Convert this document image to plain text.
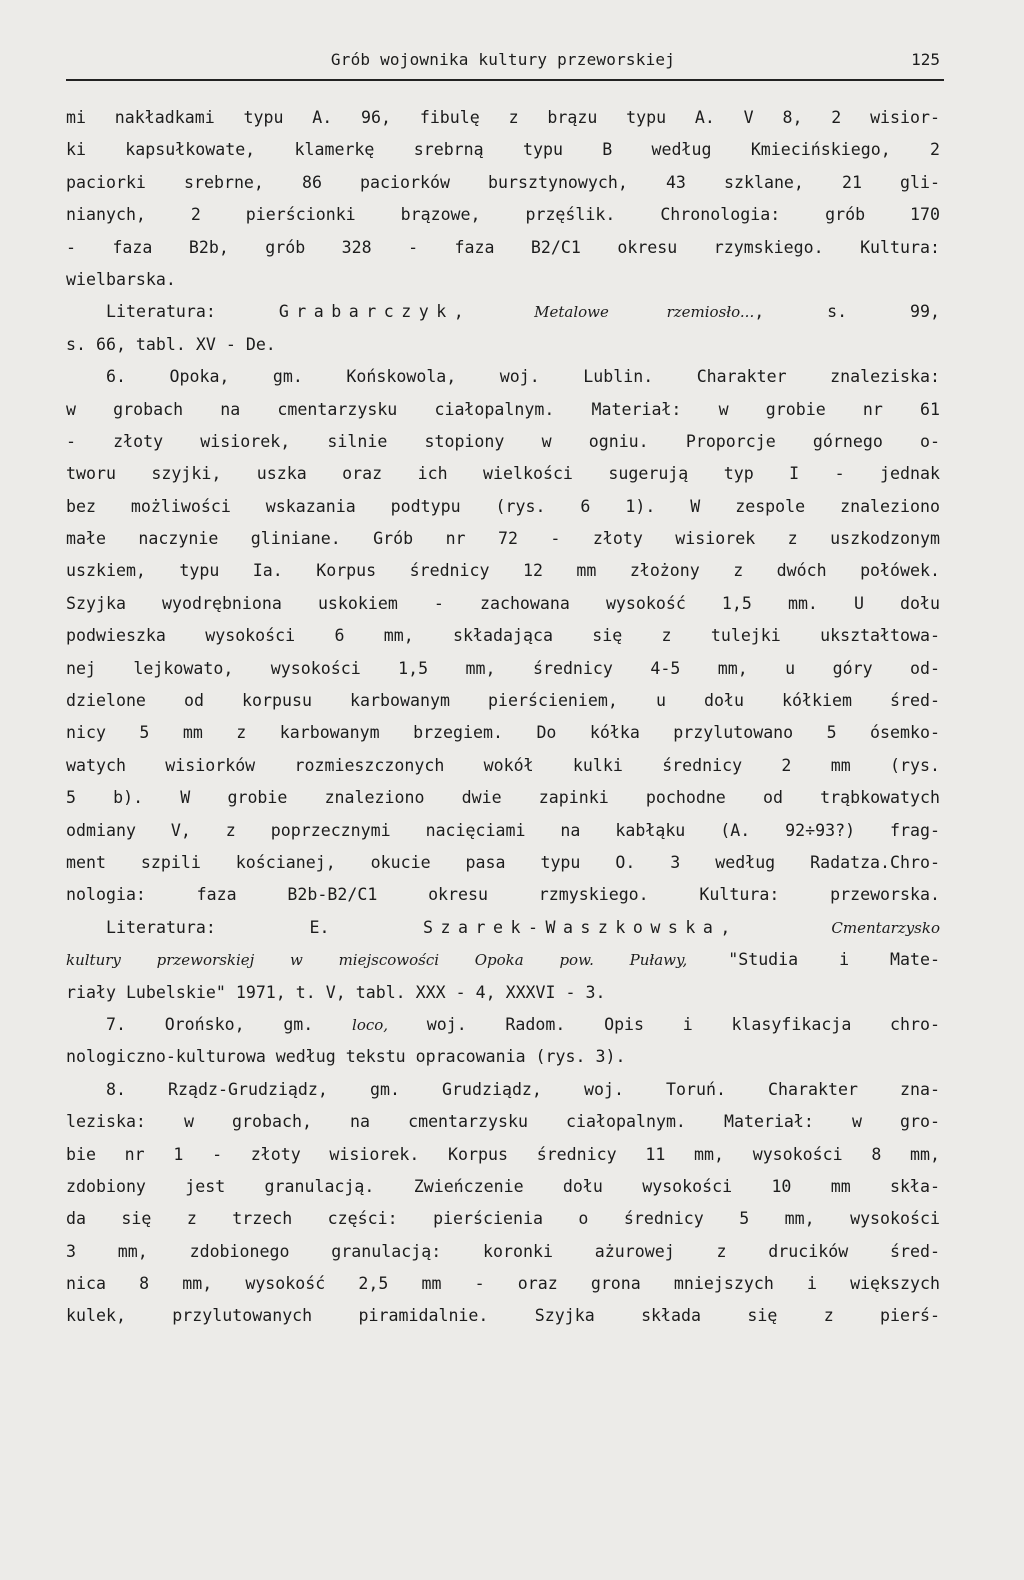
Grób wojownika kultury przeworskiej	125
mi nakładkami typu A. 96, fibulę z brązu typu A. V 8, 2 wisior-
ki kapsułkowate, klamerkę srebrną typu B według Kmiecińskiego, 2
paciorki srebrne, 86 paciorków bursztynowych, 43 szklane, 21 gli-
nianych, 2 pierścionki brązowe, przęślik. Chronologia: grób 170
- faza B2b, grób 328 - faza B2/C1 okresu rzymskiego. Kultura:
wielbarska.
Literatura: Grabarczyk,	Metalowe rzemiosło..., s. 99,
s. 66, tabl. XV - De.
6. Opoka, gm. Końskowola, woj. Lublin. Charakter znaleziska:
w grobach na cmentarzysku ciałopalnym. Materiał: w grobie nr 61
- złoty wisiorek, silnie stopiony w ogniu. Proporcje górnego o-
tworu szyjki, uszka oraz ich wielkości sugerują typ I - jednak
bez możliwości wskazania podtypu (rys. 6 1). W zespole znaleziono
małe naczynie gliniane. Grób nr 72 - złoty wisiorek z uszkodzonym
uszkiem, typu Ia. Korpus średnicy 12 mm złożony z dwóch połówek.
Szyjka wyodrębniona uskokiem - zachowana wysokość 1,5 mm. U dołu
podwieszka wysokości 6 mm, składająca się z tulejki ukształtowa-
nej lejkowato, wysokości 1,5 mm, średnicy 4-5 mm, u góry od-
dzielone od korpusu karbowanym pierścieniem, u dołu kółkiem śred-
nicy 5 mm z karbowanym brzegiem. Do kółka przylutowano 5 ósemko-
watych wisiorków rozmieszczonych wokół kulki średnicy 2 mm (rys.
5 b). W grobie znaleziono dwie zapinki pochodne od trąbkowatych
odmiany V, z poprzecznymi nacięciami na kabłąku (A. 92÷93?) frag-
ment szpili kościanej, okucie pasa typu O. 3 według Radatza.Chro-
nologia: faza B2b-B2/C1 okresu rzmyskiego. Kultura: przeworska.
Literatura: E. Szarek-Waszkowska,	Cmentarzysko
kultury przeworskiej w miejscowości Opoka pow. Puławy, "Studia i Mate-
riały Lubelskie" 1971, t. V, tabl. XXX - 4, XXXVI - 3.
7. Orońsko, gm. loco, woj. Radom. Opis i klasyfikacja chro-
nologiczno-kulturowa według tekstu opracowania (rys. 3).
8. Rządz-Grudziądz, gm. Grudziądz, woj. Toruń. Charakter zna-
leziska: w grobach, na cmentarzysku ciałopalnym. Materiał: w gro-
bie nr 1 - złoty wisiorek. Korpus średnicy 11 mm, wysokości 8 mm,
zdobiony jest granulacją. Zwieńczenie dołu wysokości 10 mm skła-
da się z trzech części: pierścienia o średnicy 5 mm, wysokości
3 mm, zdobionego granulacją: koronki ażurowej z drucików śred-
nica 8 mm, wysokość 2,5 mm - oraz grona mniejszych i większych
kulek, przylutowanych piramidalnie. Szyjka składa się z pierś-
